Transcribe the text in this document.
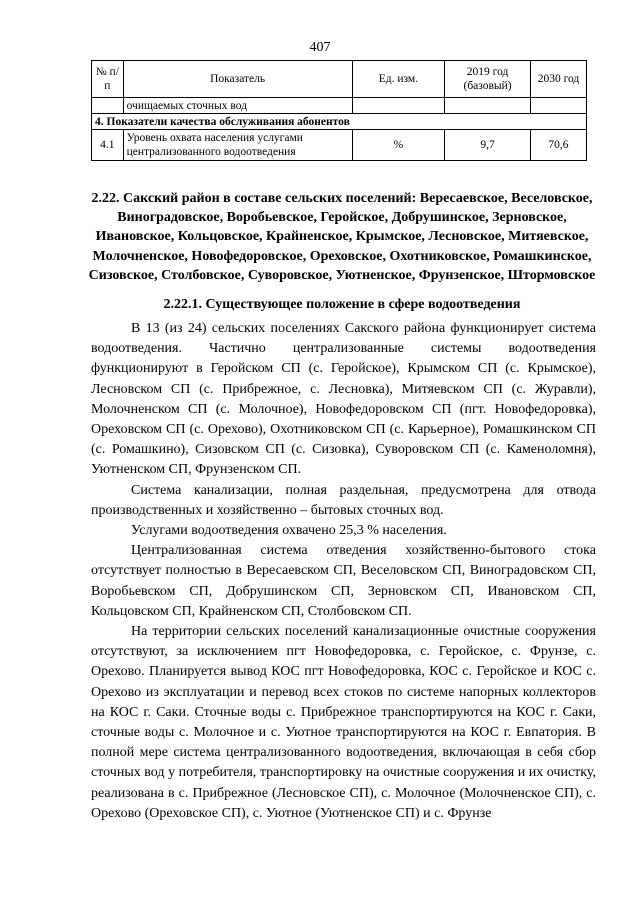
407
№ п/п	Показатель	Ед. изм.	2019 год (базовый)	2030 год
	очищаемых сточных вод			
4. Показатели качества обслуживания абонентов				
4.1	Уровень охвата населения услугами централизованного водоотведения	%	9,7	70,6
2.22. Сакский район в составе сельских поселений: Вересаевское, Веселовское, Виноградовское, Воробьевское, Геройское, Добрушинское, Зерновское, Ивановское, Кольцовское, Крайненское, Крымское, Лесновское, Митяевское, Молочненское, Новофедоровское, Ореховское, Охотниковское, Ромашкинское, Сизовское, Столбовское, Суворовское, Уютненское, Фрунзенское, Штормовское
2.22.1. Существующее положение в сфере водоотведения

В 13 (из 24) сельских поселениях Сакского района функционирует система водоотведения. Частично централизованные системы водоотведения функционируют в Геройском СП (с. Геройское), Крымском СП (с. Крымское), Лесновском СП (с. Прибрежное, с. Лесновка), Митяевском СП (с. Журавли), Молочненском СП (с. Молочное), Новофедоровском СП (пгт. Новофедоровка), Ореховском СП (с. Орехово), Охотниковском СП (с. Карьерное), Ромашкинском СП (с. Ромашкино), Сизовском СП (с. Сизовка), Суворовском СП (с. Каменоломня), Уютненском СП, Фрунзенском СП.

Система канализации, полная раздельная, предусмотрена для отвода производственных и хозяйственно – бытовых сточных вод.

Услугами водоотведения охвачено 25,3 % населения.

Централизованная система отведения хозяйственно-бытового стока отсутствует полностью в Вересаевском СП, Веселовском СП, Виноградовском СП, Воробьевском СП, Добрушинском СП, Зерновском СП, Ивановском СП, Кольцовском СП, Крайненском СП, Столбовском СП.

На территории сельских поселений канализационные очистные сооружения отсутствуют, за исключением пгт Новофедоровка, с. Геройское, с. Фрунзе, с. Орехово. Планируется вывод КОС пгт Новофедоровка, КОС с. Геройское и КОС с. Орехово из эксплуатации и перевод всех стоков по системе напорных коллекторов на КОС г. Саки. Сточные воды с. Прибрежное транспортируются на КОС г. Саки, сточные воды с. Молочное и с. Уютное транспортируются на КОС г. Евпатория. В полной мере система централизованного водоотведения, включающая в себя сбор сточных вод у потребителя, транспортировку на очистные сооружения и их очистку, реализована в с. Прибрежное (Лесновское СП), с. Молочное (Молочненское СП), с. Орехово (Ореховское СП), с. Уютное (Уютненское СП) и с. Фрунзе
